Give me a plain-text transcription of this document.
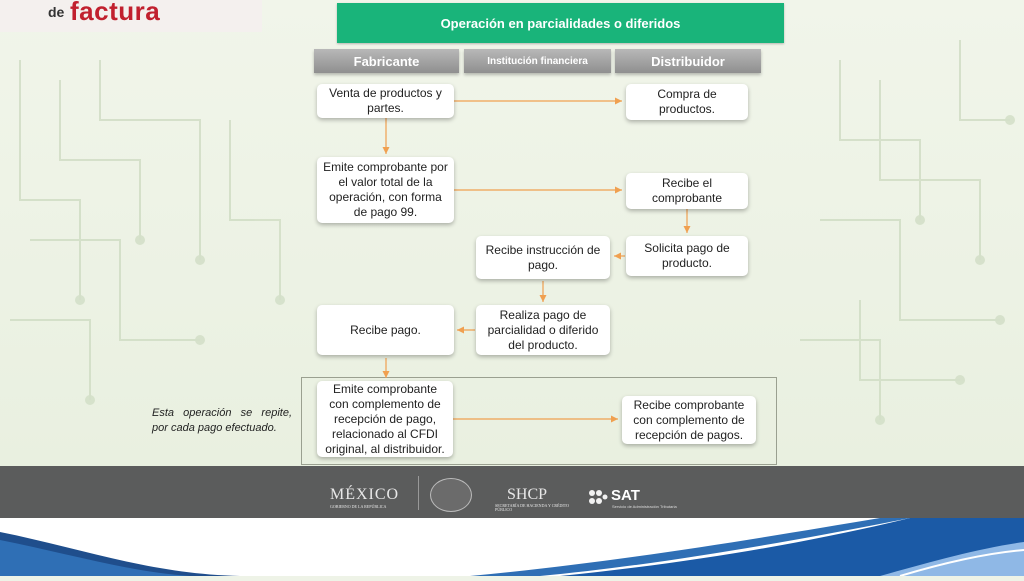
de factura	Operación en parcialidades o diferidos
Fabricante	Institución financiera	Distribuidor
Venta de productos y partes.
Compra de productos.
Emite comprobante por el valor total de la operación, con forma de pago 99.
Recibe el comprobante
Solicita pago de producto.
Recibe instrucción de pago.
Realiza pago de parcialidad o diferido del producto.
Recibe pago.
Emite comprobante con complemento de recepción de pago, relacionado al CFDI original, al distribuidor.
Recibe comprobante con complemento de recepción de pagos.
Esta operación se repite, por cada pago efectuado.
MÉXICO
GOBIERNO DE LA REPÚBLICA
SHCP
SECRETARÍA DE HACIENDA Y CRÉDITO PÚBLICO
SAT
Servicio de Administración Tributaria
